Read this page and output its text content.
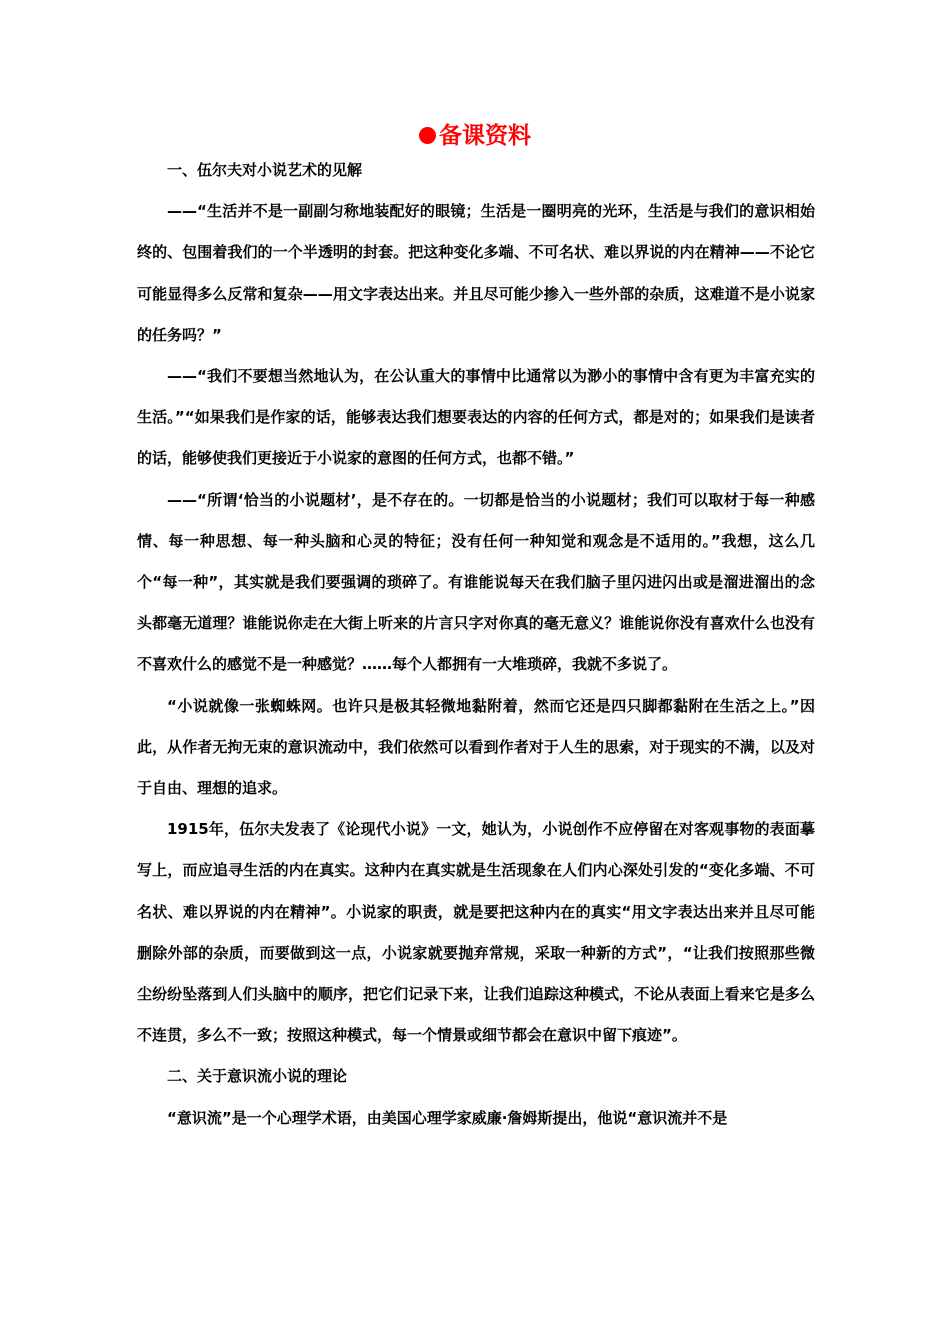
备课资料

一、伍尔夫对小说艺术的见解

——“生活并不是一副副匀称地装配好的眼镜；生活是一圈明亮的光环，生活是与我们的意识相始终的、包围着我们的一个半透明的封套。把这种变化多端、不可名状、难以界说的内在精神——不论它可能显得多么反常和复杂——用文字表达出来。并且尽可能少掺入一些外部的杂质，这难道不是小说家的任务吗？”

——“我们不要想当然地认为，在公认重大的事情中比通常以为渺小的事情中含有更为丰富充实的生活。”“如果我们是作家的话，能够表达我们想要表达的内容的任何方式，都是对的；如果我们是读者的话，能够使我们更接近于小说家的意图的任何方式，也都不错。”

——“所谓‘恰当的小说题材’，是不存在的。一切都是恰当的小说题材；我们可以取材于每一种感情、每一种思想、每一种头脑和心灵的特征；没有任何一种知觉和观念是不适用的。”我想，这么几个“每一种”，其实就是我们要强调的琐碎了。有谁能说每天在我们脑子里闪进闪出或是溜进溜出的念头都毫无道理？谁能说你走在大街上听来的片言只字对你真的毫无意义？谁能说你没有喜欢什么也没有不喜欢什么的感觉不是一种感觉？……每个人都拥有一大堆琐碎，我就不多说了。

“小说就像一张蜘蛛网。也许只是极其轻微地黏附着，然而它还是四只脚都黏附在生活之上。”因此，从作者无拘无束的意识流动中，我们依然可以看到作者对于人生的思索，对于现实的不满，以及对于自由、理想的追求。

1915年，伍尔夫发表了《论现代小说》一文，她认为，小说创作不应停留在对客观事物的表面摹写上，而应追寻生活的内在真实。这种内在真实就是生活现象在人们内心深处引发的“变化多端、不可名状、难以界说的内在精神”。小说家的职责，就是要把这种内在的真实“用文字表达出来并且尽可能删除外部的杂质，而要做到这一点，小说家就要抛弃常规，采取一种新的方式”，“让我们按照那些微尘纷纷坠落到人们头脑中的顺序，把它们记录下来，让我们追踪这种模式，不论从表面上看来它是多么不连贯，多么不一致；按照这种模式，每一个情景或细节都会在意识中留下痕迹”。

二、关于意识流小说的理论

“意识流”是一个心理学术语，由美国心理学家威廉·詹姆斯提出，他说“意识流并不是
